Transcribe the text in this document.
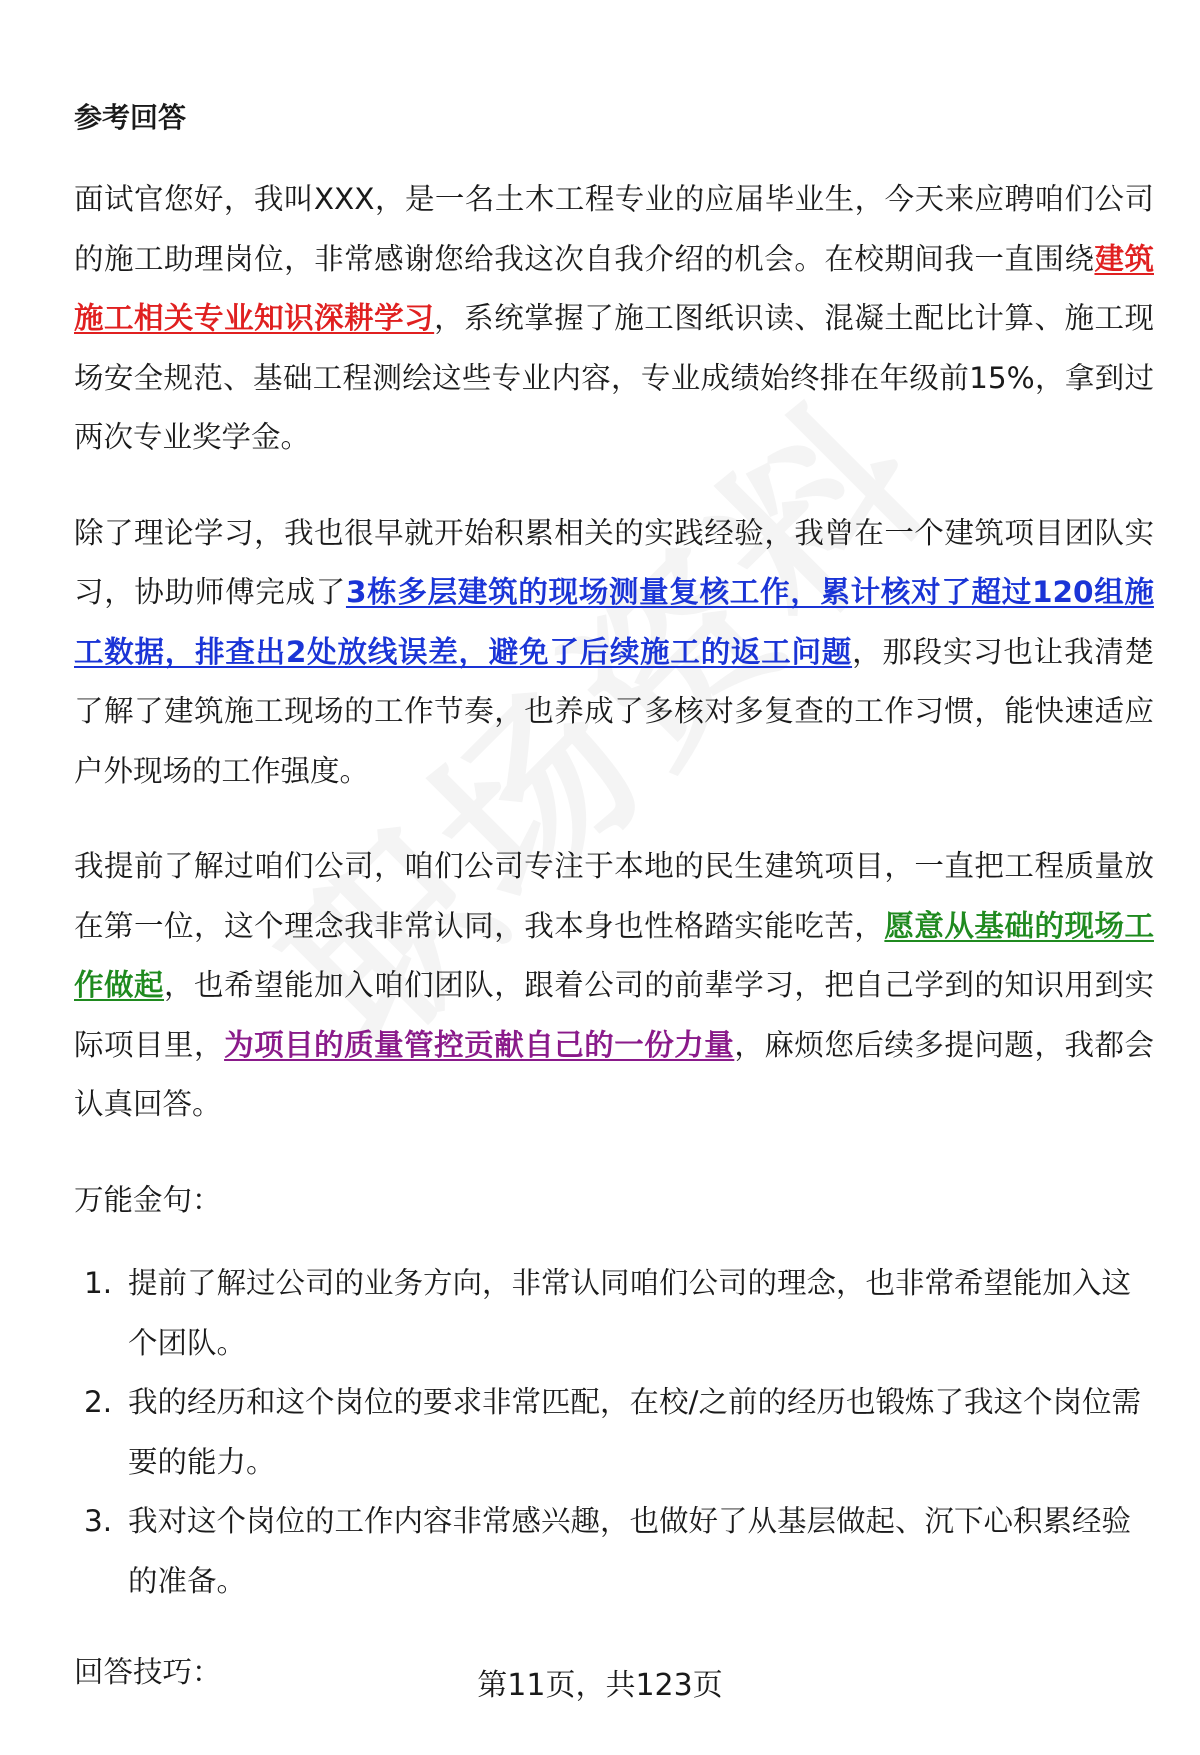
参考回答

面试官您好，我叫XXX，是一名土木工程专业的应届毕业生，今天来应聘咱们公司的施工助理岗位，非常感谢您给我这次自我介绍的机会。在校期间我一直围绕建筑施工相关专业知识深耕学习，系统掌握了施工图纸识读、混凝土配比计算、施工现场安全规范、基础工程测绘这些专业内容，专业成绩始终排在年级前15%，拿到过两次专业奖学金。

除了理论学习，我也很早就开始积累相关的实践经验，我曾在一个建筑项目团队实习，协助师傅完成了3栋多层建筑的现场测量复核工作，累计核对了超过120组施工数据，排查出2处放线误差，避免了后续施工的返工问题，那段实习也让我清楚了解了建筑施工现场的工作节奏，也养成了多核对多复查的工作习惯，能快速适应户外现场的工作强度。

我提前了解过咱们公司，咱们公司专注于本地的民生建筑项目，一直把工程质量放在第一位，这个理念我非常认同，我本身也性格踏实能吃苦，愿意从基础的现场工作做起，也希望能加入咱们团队，跟着公司的前辈学习，把自己学到的知识用到实际项目里，为项目的质量管控贡献自己的一份力量，麻烦您后续多提问题，我都会认真回答。

万能金句：
1. 提前了解过公司的业务方向，非常认同咱们公司的理念，也非常希望能加入这个团队。
2. 我的经历和这个岗位的要求非常匹配，在校/之前的经历也锻炼了我这个岗位需要的能力。
3. 我对这个岗位的工作内容非常感兴趣，也做好了从基层做起、沉下心积累经验的准备。
回答技巧：	第11页，共123页
